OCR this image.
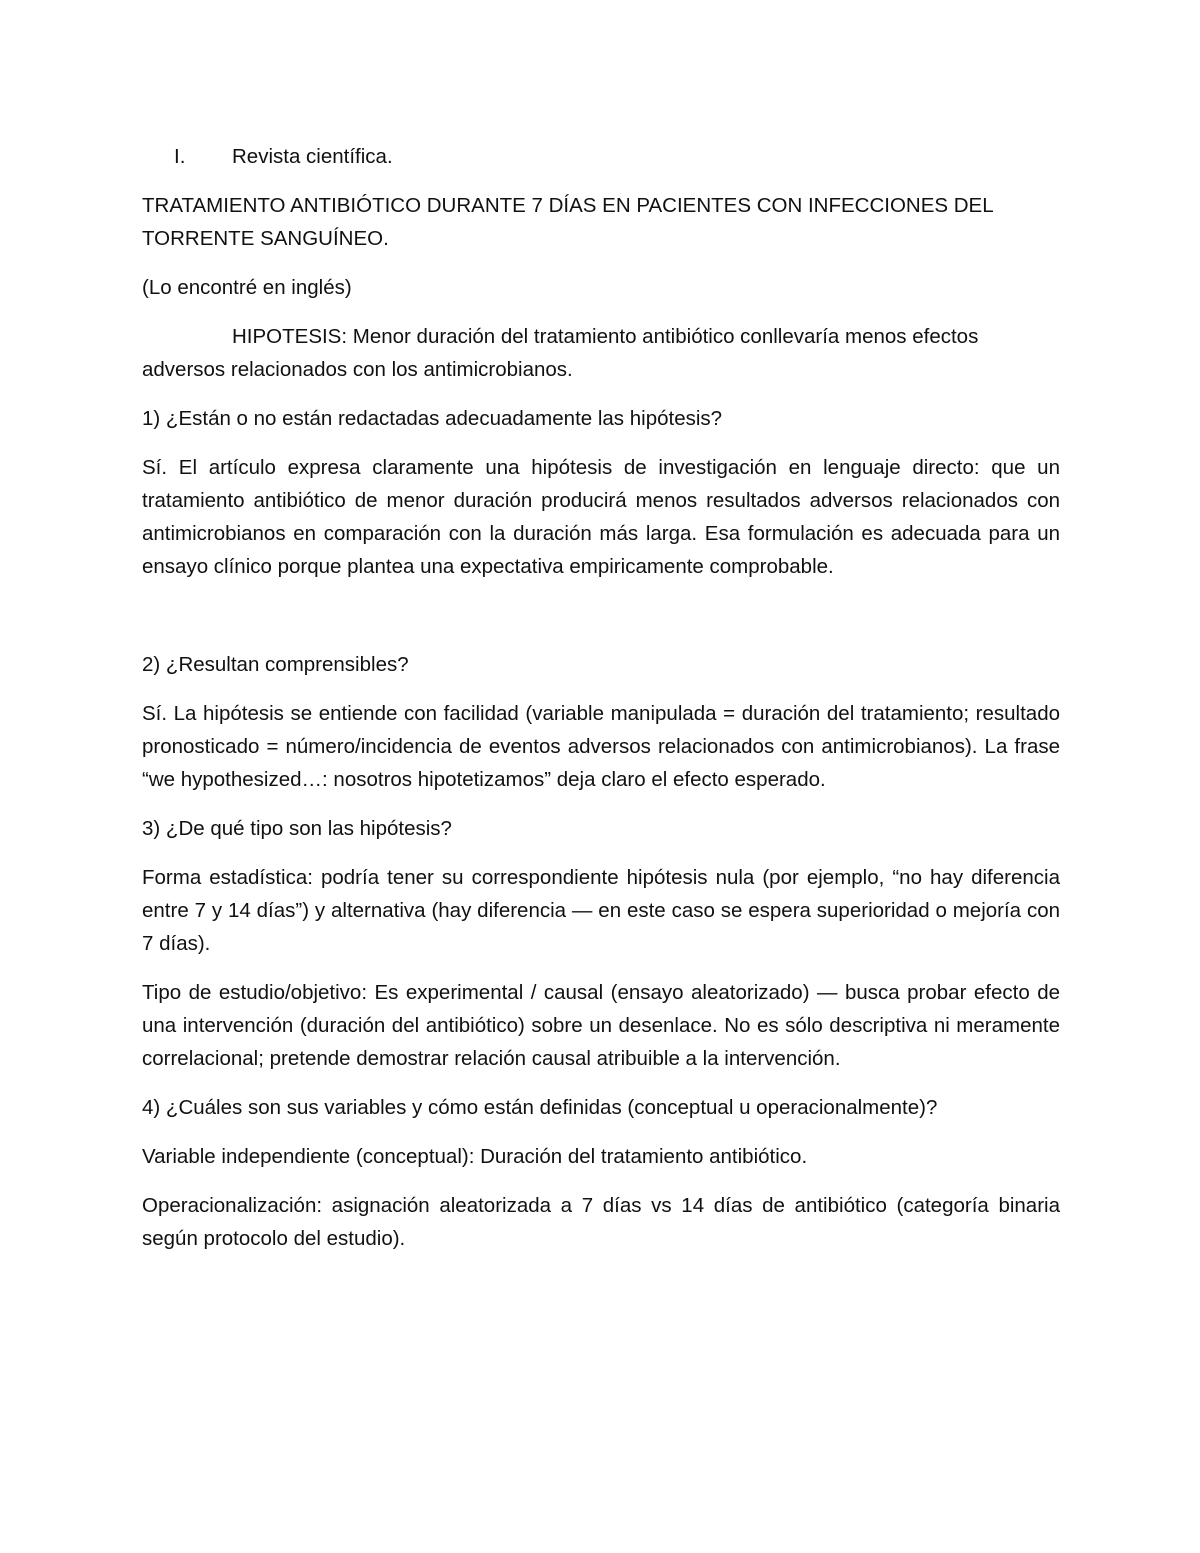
I.	Revista científica.

TRATAMIENTO ANTIBIÓTICO DURANTE 7 DÍAS EN PACIENTES CON INFECCIONES DEL TORRENTE SANGUÍNEO.

(Lo encontré en inglés)

HIPOTESIS: Menor duración del tratamiento antibiótico conllevaría menos efectos adversos relacionados con los antimicrobianos.

1) ¿Están o no están redactadas adecuadamente las hipótesis?

Sí. El artículo expresa claramente una hipótesis de investigación en lenguaje directo: que un tratamiento antibiótico de menor duración producirá menos resultados adversos relacionados con antimicrobianos en comparación con la duración más larga. Esa formulación es adecuada para un ensayo clínico porque plantea una expectativa empiricamente comprobable.

2) ¿Resultan comprensibles?

Sí. La hipótesis se entiende con facilidad (variable manipulada = duración del tratamiento; resultado pronosticado = número/incidencia de eventos adversos relacionados con antimicrobianos). La frase “we hypothesized…: nosotros hipotetizamos” deja claro el efecto esperado.

3) ¿De qué tipo son las hipótesis?

Forma estadística: podría tener su correspondiente hipótesis nula (por ejemplo, “no hay diferencia entre 7 y 14 días”) y alternativa (hay diferencia — en este caso se espera superioridad o mejoría con 7 días).

Tipo de estudio/objetivo: Es experimental / causal (ensayo aleatorizado) — busca probar efecto de una intervención (duración del antibiótico) sobre un desenlace. No es sólo descriptiva ni meramente correlacional; pretende demostrar relación causal atribuible a la intervención.

4) ¿Cuáles son sus variables y cómo están definidas (conceptual u operacionalmente)?

Variable independiente (conceptual): Duración del tratamiento antibiótico.

Operacionalización: asignación aleatorizada a 7 días vs 14 días de antibiótico (categoría binaria según protocolo del estudio).
